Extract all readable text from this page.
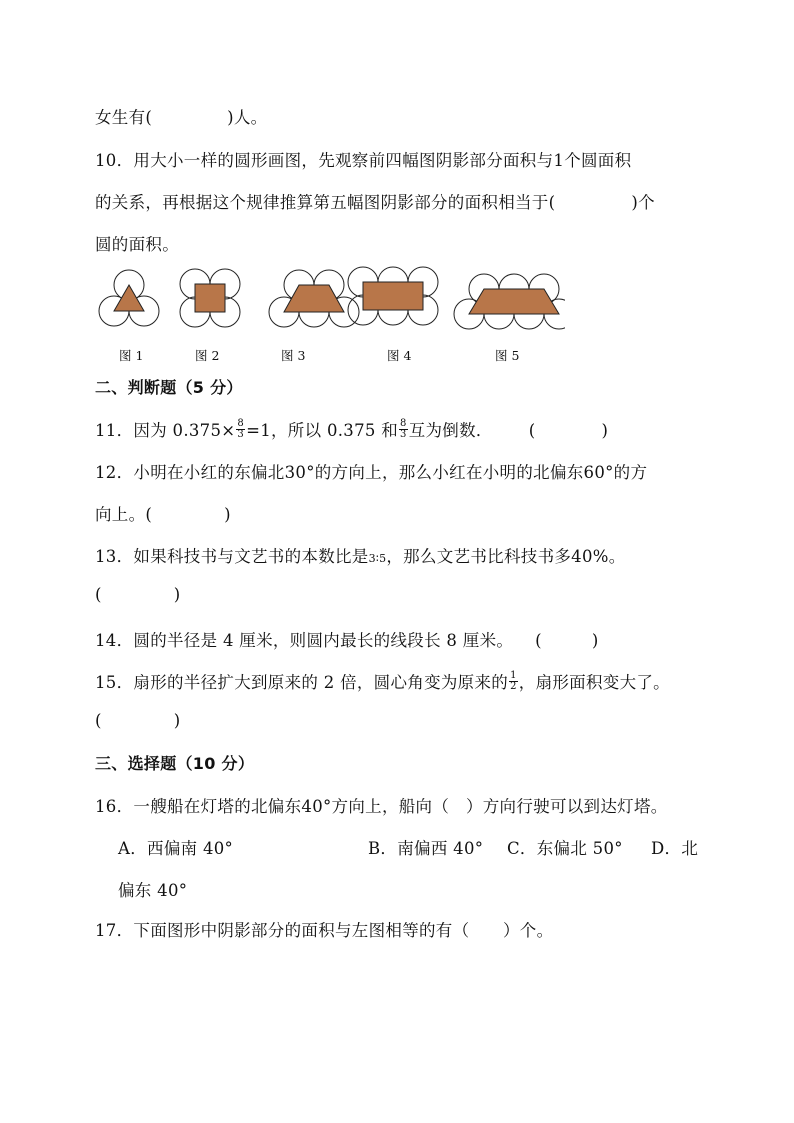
女生有(	)人。
10．用大小一样的圆形画图，先观察前四幅图阴影部分面积与1个圆面积
的关系，再根据这个规律推算第五幅图阴影部分的面积相当于(	)个
圆的面积。
图 1	图 2	图 3	图 4	图 5
二、判断题（5 分）
11．因为 $0.375\times \frac{8}{3} =1$，所以 0.375 和 $\frac{8}{3}$ 互为倒数． (	)
12．小明在小红的东偏北30°的方向上，那么小红在小明的北偏东60°的方
向上。(	)
13．如果科技书与文艺书的本数比是3∶5，那么文艺书比科技书多40%。
(	)
14．圆的半径是 4 厘米，则圆内最长的线段长 8 厘米。 (	)
15．扇形的半径扩大到原来的 2 倍，圆心角变为原来的 $\frac{1}{2}$ ，扇形面积变大了。
(	)
三、选择题（10 分）
16．一艘船在灯塔的北偏东40°方向上，船向（　）方向行驶可以到达灯塔。
A．西偏南 40°	B．南偏西 40° C．东偏北 50° D．北
偏东 40°
17．下面图形中阴影部分的面积与左图相等的有（　　）个。
